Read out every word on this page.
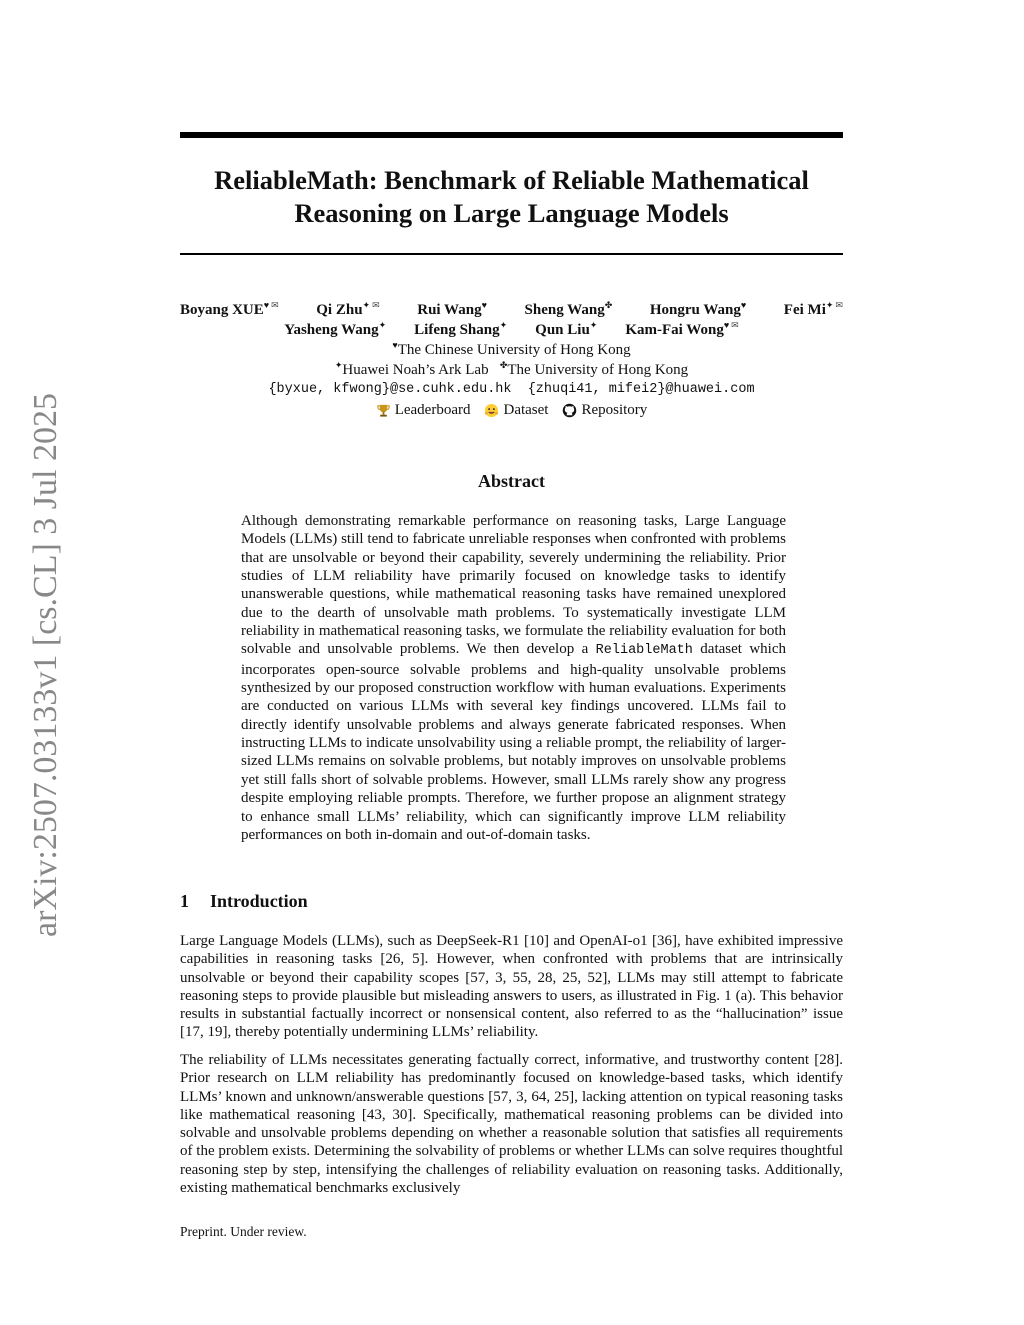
arXiv:2507.03133v1 [cs.CL] 3 Jul 2025
ReliableMath: Benchmark of Reliable Mathematical
Reasoning on Large Language Models
Boyang XUE♥ ✉	Qi Zhu✦ ✉	Rui Wang♥	Sheng Wang✤	Hongru Wang♥	Fei Mi✦ ✉
Yasheng Wang✦ Lifeng Shang✦ Qun Liu✦ Kam-Fai Wong♥ ✉
♥The Chinese University of Hong Kong
✦Huawei Noah’s Ark Lab ✤The University of Hong Kong
{byxue, kfwong}@se.cuhk.edu.hk {zhuqi41, mifei2}@huawei.com
Leaderboard Dataset Repository
Abstract

Although demonstrating remarkable performance on reasoning tasks, Large Language Models (LLMs) still tend to fabricate unreliable responses when confronted with problems that are unsolvable or beyond their capability, severely undermining the reliability. Prior studies of LLM reliability have primarily focused on knowledge tasks to identify unanswerable questions, while mathematical reasoning tasks have remained unexplored due to the dearth of unsolvable math problems. To systematically investigate LLM reliability in mathematical reasoning tasks, we formulate the reliability evaluation for both solvable and unsolvable problems. We then develop a ReliableMath dataset which incorporates open-source solvable problems and high-quality unsolvable problems synthesized by our proposed construction workflow with human evaluations. Experiments are conducted on various LLMs with several key findings uncovered. LLMs fail to directly identify unsolvable problems and always generate fabricated responses. When instructing LLMs to indicate unsolvability using a reliable prompt, the reliability of larger-sized LLMs remains on solvable problems, but notably improves on unsolvable problems yet still falls short of solvable problems. However, small LLMs rarely show any progress despite employing reliable prompts. Therefore, we further propose an alignment strategy to enhance small LLMs’ reliability, which can significantly improve LLM reliability performances on both in-domain and out-of-domain tasks.

1 Introduction

Large Language Models (LLMs), such as DeepSeek-R1 [10] and OpenAI-o1 [36], have exhibited impressive capabilities in reasoning tasks [26, 5]. However, when confronted with problems that are intrinsically unsolvable or beyond their capability scopes [57, 3, 55, 28, 25, 52], LLMs may still attempt to fabricate reasoning steps to provide plausible but misleading answers to users, as illustrated in Fig. 1 (a). This behavior results in substantial factually incorrect or nonsensical content, also referred to as the “hallucination” issue [17, 19], thereby potentially undermining LLMs’ reliability.

The reliability of LLMs necessitates generating factually correct, informative, and trustworthy content [28]. Prior research on LLM reliability has predominantly focused on knowledge-based tasks, which identify LLMs’ known and unknown/answerable questions [57, 3, 64, 25], lacking attention on typical reasoning tasks like mathematical reasoning [43, 30]. Specifically, mathematical reasoning problems can be divided into solvable and unsolvable problems depending on whether a reasonable solution that satisfies all requirements of the problem exists. Determining the solvability of problems or whether LLMs can solve requires thoughtful reasoning step by step, intensifying the challenges of reliability evaluation on reasoning tasks. Additionally, existing mathematical benchmarks exclusively

Preprint. Under review.
